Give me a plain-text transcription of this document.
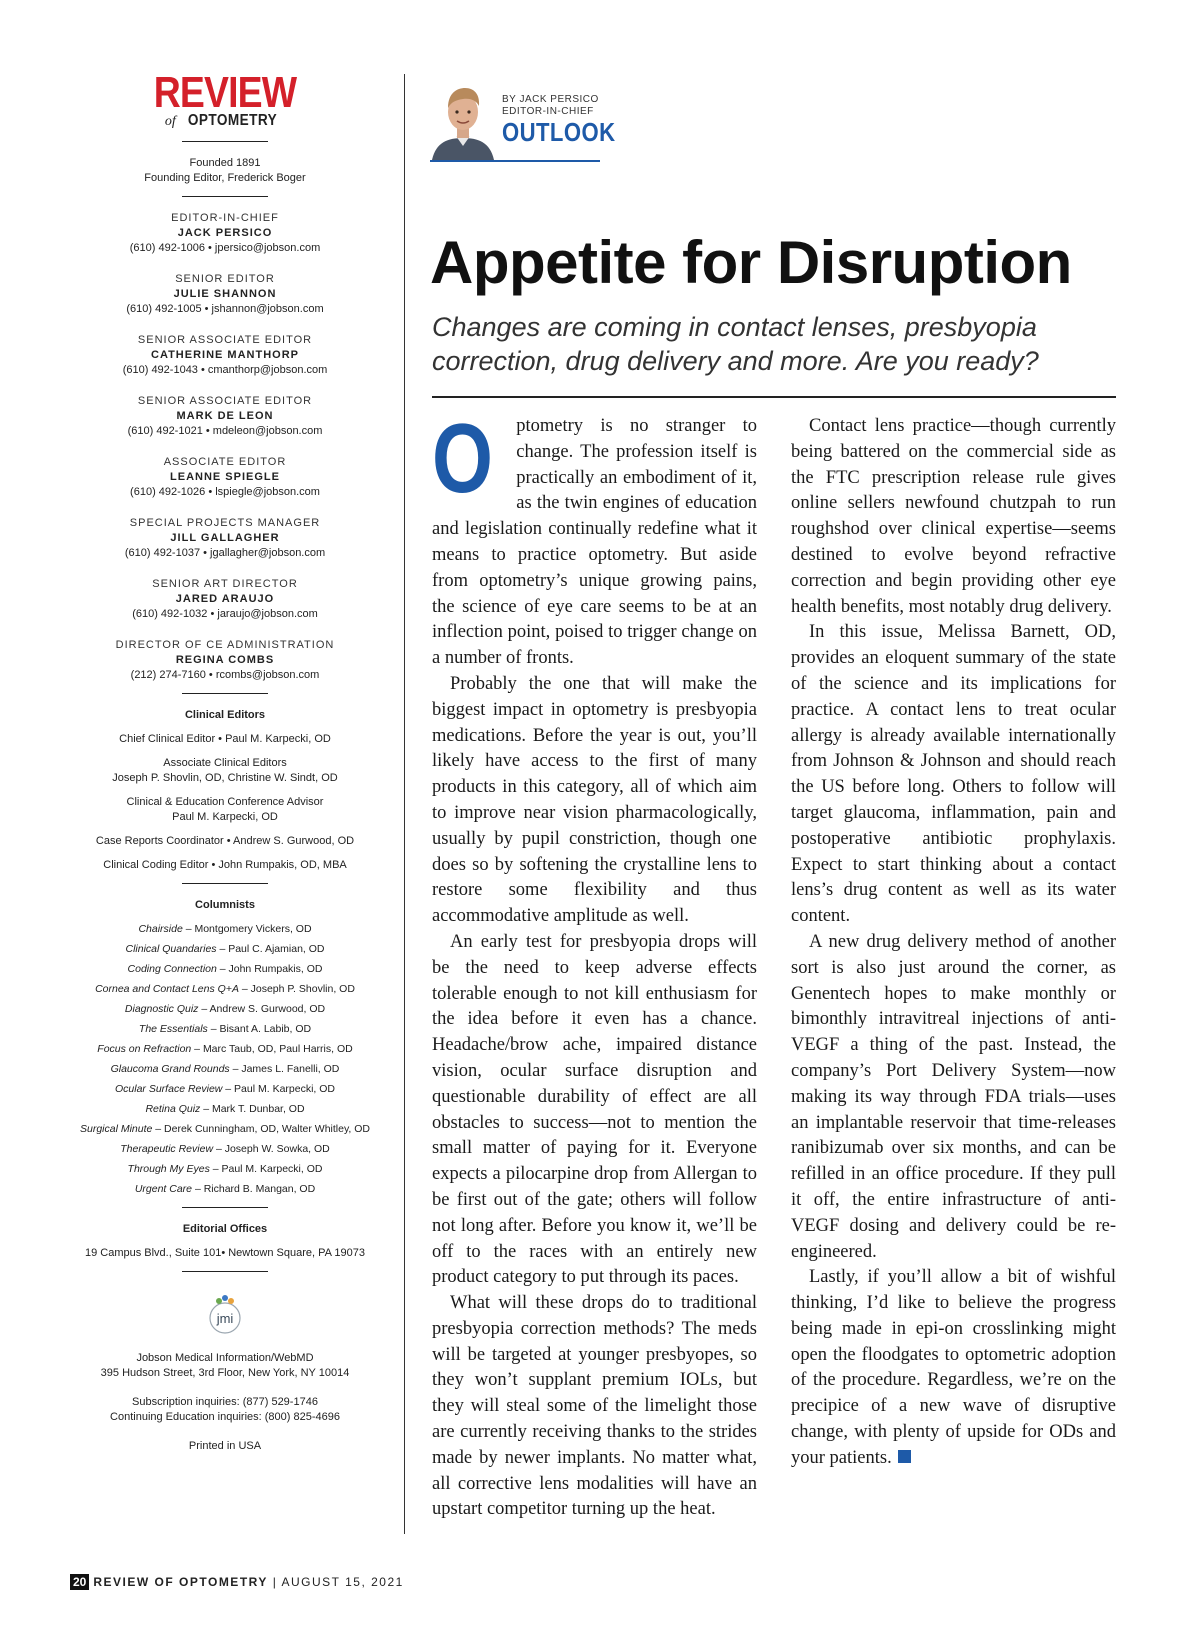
REVIEW
of OPTOMETRY
Founded 1891
Founding Editor, Frederick Boger
EDITOR-IN-CHIEF
JACK PERSICO
(610) 492-1006 • jpersico@jobson.com
SENIOR EDITOR
JULIE SHANNON
(610) 492-1005 • jshannon@jobson.com
SENIOR ASSOCIATE EDITOR
CATHERINE MANTHORP
(610) 492-1043 • cmanthorp@jobson.com
SENIOR ASSOCIATE EDITOR
MARK DE LEON
(610) 492-1021 • mdeleon@jobson.com
ASSOCIATE EDITOR
LEANNE SPIEGLE
(610) 492-1026 • lspiegle@jobson.com
SPECIAL PROJECTS MANAGER
JILL GALLAGHER
(610) 492-1037 • jgallagher@jobson.com
SENIOR ART DIRECTOR
JARED ARAUJO
(610) 492-1032 • jaraujo@jobson.com
DIRECTOR OF CE ADMINISTRATION
REGINA COMBS
(212) 274-7160 • rcombs@jobson.com
Clinical Editors
Chief Clinical Editor • Paul M. Karpecki, OD
Associate Clinical Editors
Joseph P. Shovlin, OD, Christine W. Sindt, OD
Clinical & Education Conference Advisor
Paul M. Karpecki, OD
Case Reports Coordinator • Andrew S. Gurwood, OD
Clinical Coding Editor • John Rumpakis, OD, MBA
Columnists
Chairside – Montgomery Vickers, OD
Clinical Quandaries – Paul C. Ajamian, OD
Coding Connection – John Rumpakis, OD
Cornea and Contact Lens Q+A – Joseph P. Shovlin, OD
Diagnostic Quiz – Andrew S. Gurwood, OD
The Essentials – Bisant A. Labib, OD
Focus on Refraction – Marc Taub, OD, Paul Harris, OD
Glaucoma Grand Rounds – James L. Fanelli, OD
Ocular Surface Review – Paul M. Karpecki, OD
Retina Quiz – Mark T. Dunbar, OD
Surgical Minute – Derek Cunningham, OD, Walter Whitley, OD
Therapeutic Review – Joseph W. Sowka, OD
Through My Eyes – Paul M. Karpecki, OD
Urgent Care – Richard B. Mangan, OD
Editorial Offices
19 Campus Blvd., Suite 101• Newtown Square, PA 19073
jmi
Jobson Medical Information/WebMD
395 Hudson Street, 3rd Floor, New York, NY 10014
Subscription inquiries: (877) 529-1746
Continuing Education inquiries: (800) 825-4696
Printed in USA
BY JACK PERSICO
EDITOR-IN-CHIEF
OUTLOOK
Appetite for Disruption
Changes are coming in contact lenses, presbyopia correction, drug delivery and more. Are you ready?

O ptometry is no stranger to change. The profession itself is practically an embodiment of it, as the twin engines of education and legislation continually redefine what it means to practice optometry. But aside from optometry’s unique growing pains, the science of eye care seems to be at an inflection point, poised to trigger change on a number of fronts.

Probably the one that will make the biggest impact in optometry is presbyopia medications. Before the year is out, you’ll likely have access to the first of many products in this category, all of which aim to improve near vision pharmacologically, usually by pupil constriction, though one does so by softening the crystalline lens to restore some flexibility and thus accommodative amplitude as well.

An early test for presbyopia drops will be the need to keep adverse effects tolerable enough to not kill enthusiasm for the idea before it even has a chance. Headache/brow ache, impaired distance vision, ocular surface disruption and questionable durability of effect are all obstacles to success—not to mention the small matter of paying for it. Everyone expects a pilocarpine drop from Allergan to be first out of the gate; others will follow not long after. Before you know it, we’ll be off to the races with an entirely new product category to put through its paces.

What will these drops do to traditional presbyopia correction methods? The meds will be targeted at younger presbyopes, so they won’t supplant premium IOLs, but they will steal some of the limelight those are currently receiving thanks to the strides made by newer implants. No matter what, all corrective lens modalities will have an upstart competitor turning up the heat.

Contact lens practice—though currently being battered on the commercial side as the FTC prescription release rule gives online sellers newfound chutzpah to run roughshod over clinical expertise—seems destined to evolve beyond refractive correction and begin providing other eye health benefits, most notably drug delivery.

In this issue, Melissa Barnett, OD, provides an eloquent summary of the state of the science and its implications for practice. A contact lens to treat ocular allergy is already available internationally from Johnson & Johnson and should reach the US before long. Others to follow will target glaucoma, inflammation, pain and postoperative antibiotic prophylaxis. Expect to start thinking about a contact lens’s drug content as well as its water content.

A new drug delivery method of another sort is also just around the corner, as Genentech hopes to make monthly or bimonthly intravitreal injections of anti-VEGF a thing of the past. Instead, the company’s Port Delivery System—now making its way through FDA trials—uses an implantable reservoir that time-releases ranibizumab over six months, and can be refilled in an office procedure. If they pull it off, the entire infrastructure of anti-VEGF dosing and delivery could be re-engineered.

Lastly, if you’ll allow a bit of wishful thinking, I’d like to believe the progress being made in epi-on crosslinking might open the floodgates to optometric adoption of the procedure. Regardless, we’re on the precipice of a new wave of disruptive change, with plenty of upside for ODs and your patients.

20 REVIEW OF OPTOMETRY | AUGUST 15, 2021
